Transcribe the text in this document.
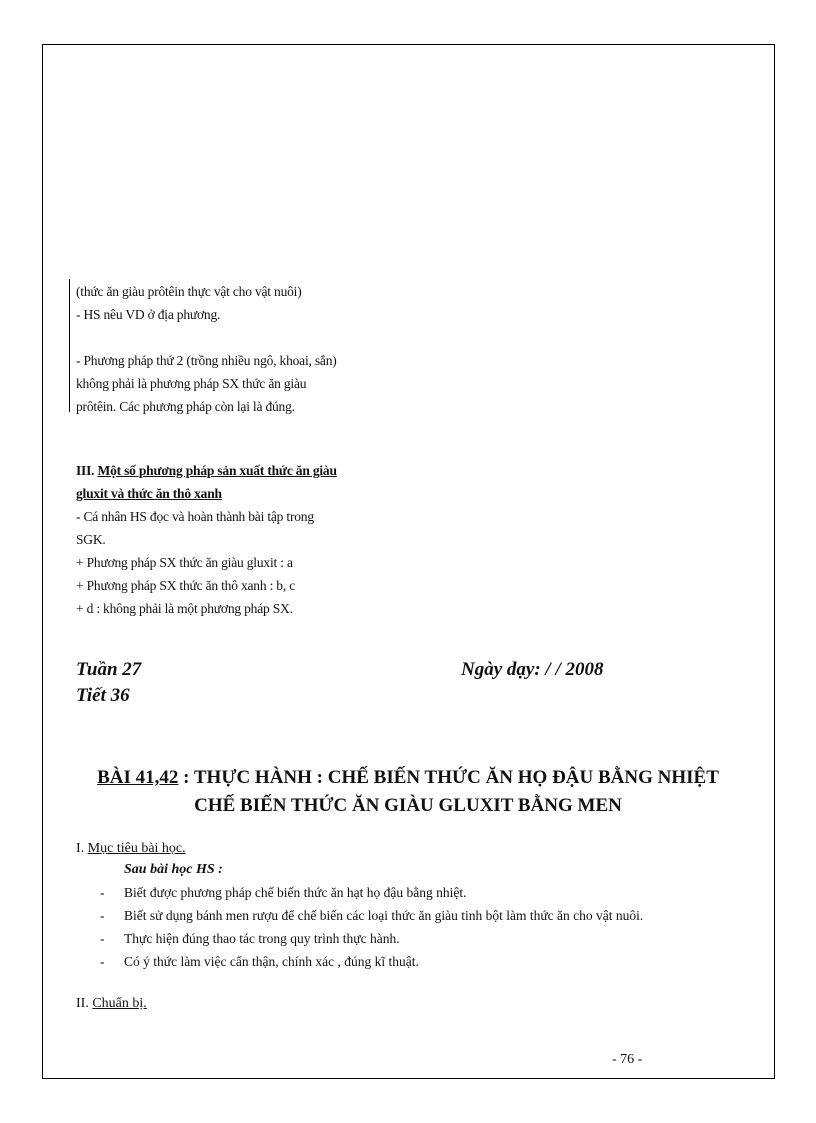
(thức ăn giàu prôtêin thực vật cho vật nuôi)

- HS nêu VD ở địa phương.

- Phương pháp thứ 2 (trồng nhiều ngô, khoai, sắn)

không phải là phương pháp SX thức ăn giàu

prôtêin. Các phương pháp còn lại là đúng.

III. Một số phương pháp sản xuất thức ăn giàu

gluxit và thức ăn thô xanh

- Cá nhân HS đọc và hoàn thành bài tập trong

SGK.

+ Phương pháp SX thức ăn giàu gluxit : a

+ Phương pháp SX thức ăn thô xanh : b, c

+ d : không phải là một phương pháp SX.

Tuần 27

Tiết 36

Ngày dạy: / / 2008

BÀI 41,42 : THỰC HÀNH : CHẾ BIẾN THỨC ĂN HỌ ĐẬU BẰNG NHIỆT

CHẾ BIẾN THỨC ĂN GIÀU GLUXIT BẰNG MEN

I. Mục tiêu bài học.
Sau bài học HS :
- Biết được phương pháp chế biến thức ăn hạt họ đậu bằng nhiệt.
- Biết sử dụng bánh men rượu để chế biến các loại thức ăn giàu tinh bột làm thức ăn cho vật nuôi.
- Thực hiện đúng thao tác trong quy trình thực hành.
- Có ý thức làm việc cẩn thận, chính xác , đúng kĩ thuật.
II. Chuẩn bị.
- 76 -
